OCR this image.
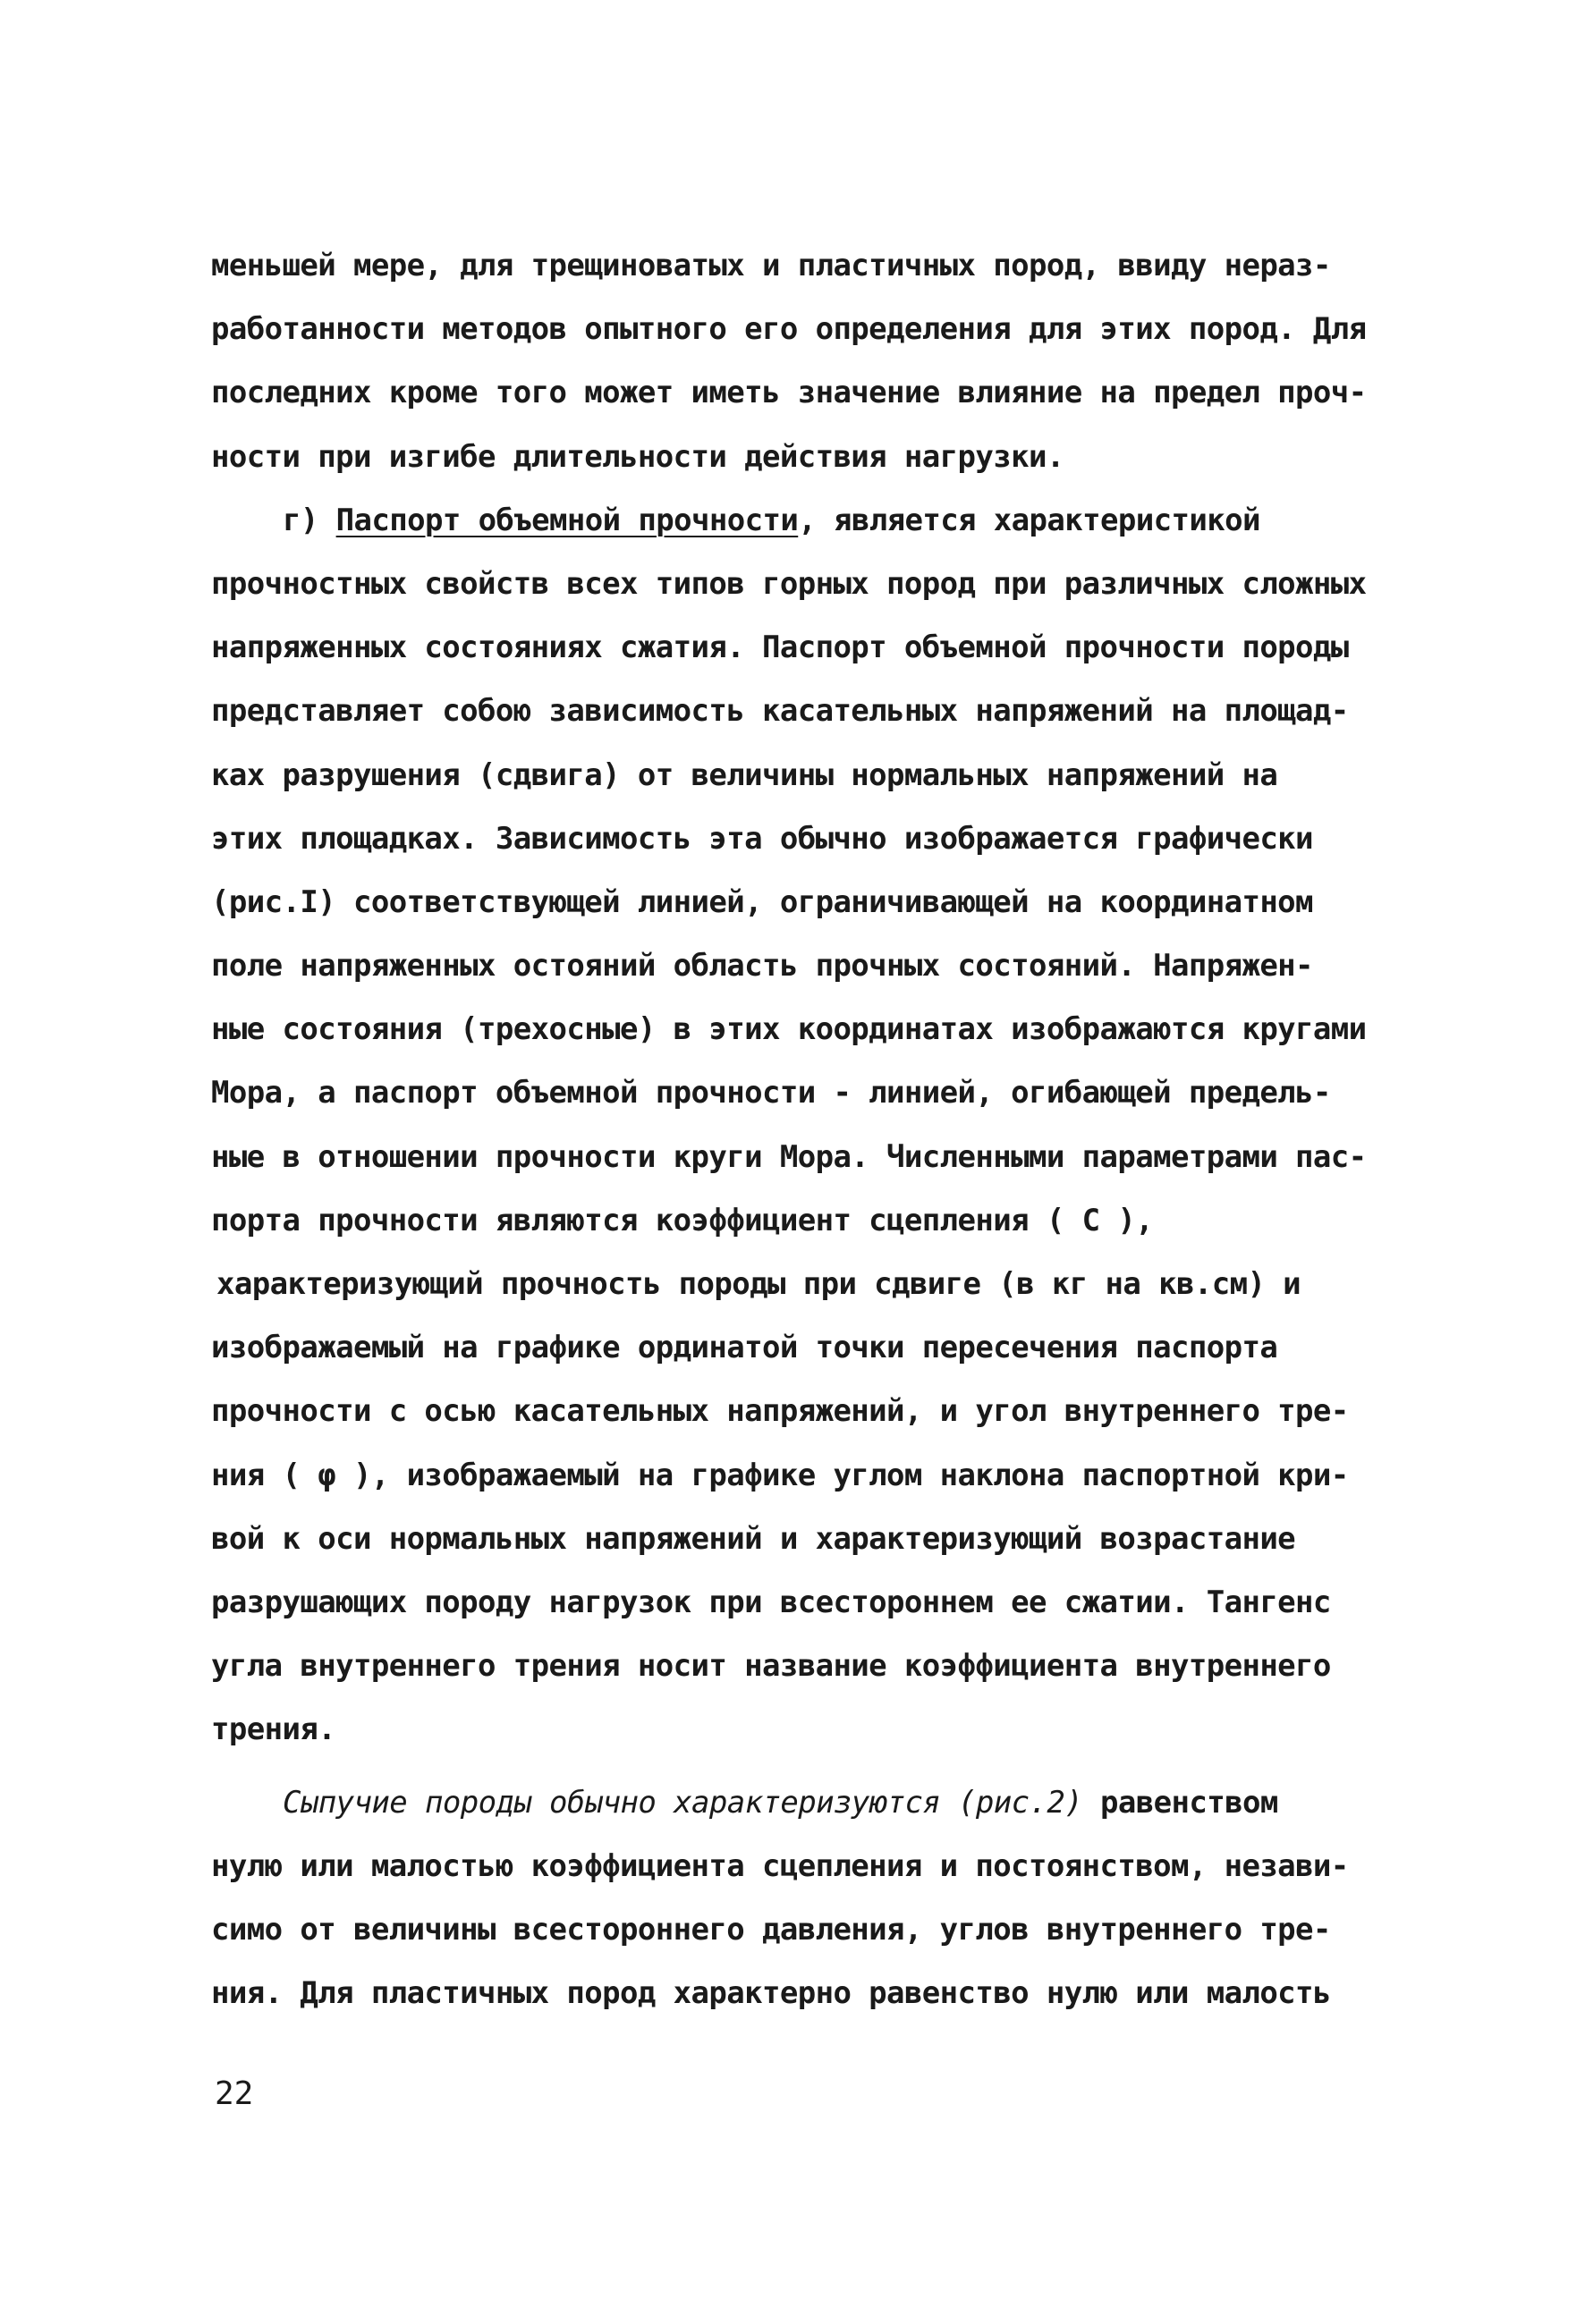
меньшей мере, для трещиноватых и пластичных пород, ввиду нераз-
работанности методов опытного его определения для этих пород. Для
последних кроме того может иметь значение влияние на предел проч-
ности при изгибе длительности действия нагрузки.
г) Паспорт объемной прочности, является характеристикой
прочностных свойств всех типов горных пород при различных сложных
напряженных состояниях сжатия. Паспорт объемной прочности породы
представляет собою зависимость касательных напряжений на площад-
ках разрушения (сдвига) от величины нормальных напряжений на
этих площадках. Зависимость эта обычно изображается графически
(рис.I) соответствующей линией, ограничивающей на координатном
поле напряженных остояний область прочных состояний. Напряжен-
ные состояния (трехосные) в этих координатах изображаются кругами
Мора, а паспорт объемной прочности - линией, огибающей предель-
ные в отношении прочности круги Мора. Численными параметрами пас-
порта прочности являются коэффициент сцепления ( C ),
характеризующий прочность породы при сдвиге (в кг на кв.см) и
изображаемый на графике ординатой точки пересечения паспорта
прочности с осью касательных напряжений, и угол внутреннего тре-
ния ( φ ), изображаемый на графике углом наклона паспортной кри-
вой к оси нормальных напряжений и характеризующий возрастание
разрушающих породу нагрузок при всестороннем ее сжатии. Тангенс
угла внутреннего трения носит название коэффициента внутреннего
трения.
Сыпучие породы обычно характеризуются (рис.2) равенством
нулю или малостью коэффициента сцепления и постоянством, незави-
симо от величины всестороннего давления, углов внутреннего тре-
ния. Для пластичных пород характерно равенство нулю или малость
22
